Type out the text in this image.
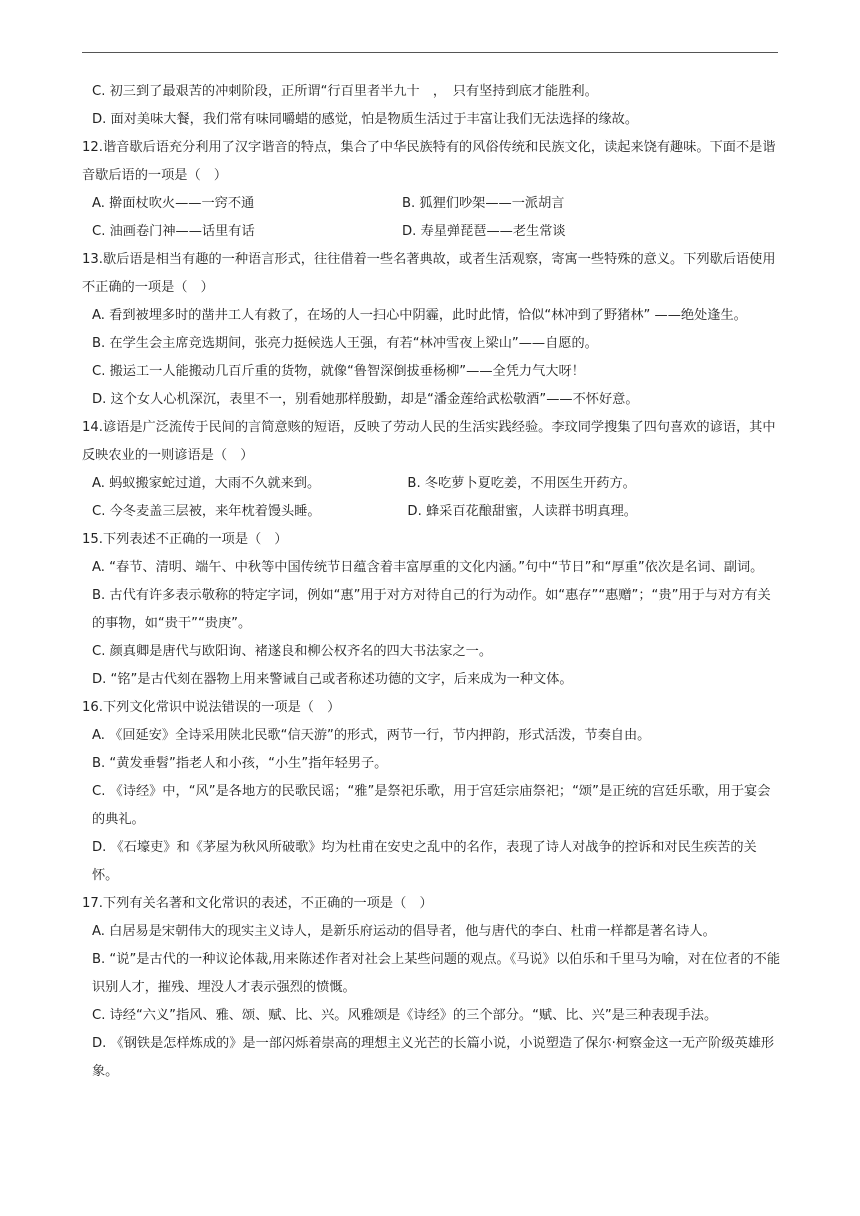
C. 初三到了最艰苦的冲刺阶段，正所谓“行百里者半九十　，　只有坚持到底才能胜利。

D. 面对美味大餐，我们常有味同嚼蜡的感觉，怕是物质生活过于丰富让我们无法选择的缘故。

12.谐音歇后语充分利用了汉字谐音的特点，集合了中华民族特有的风俗传统和民族文化，读起来饶有趣味。下面不是谐音歇后语的一项是（　）

A. 擀面杖吹火——一窍不通	B. 狐狸们吵架——一派胡言
C. 油画卷门神——话里有话	D. 寿星弹琵琶——老生常谈

13.歇后语是相当有趣的一种语言形式，往往借着一些名著典故，或者生活观察，寄寓一些特殊的意义。下列歇后语使用不正确的一项是（　）

A. 看到被埋多时的凿井工人有救了，在场的人一扫心中阴霾，此时此情，恰似“林冲到了野猪林” ——绝处逢生。

B. 在学生会主席竞选期间，张亮力挺候选人王强，有若“林冲雪夜上梁山”——自愿的。

C. 搬运工一人能搬动几百斤重的货物，就像“鲁智深倒拔垂杨柳”——全凭力气大呀！

D. 这个女人心机深沉，表里不一，别看她那样殷勤，却是“潘金莲给武松敬酒”——不怀好意。

14.谚语是广泛流传于民间的言简意赅的短语，反映了劳动人民的生活实践经验。李玟同学搜集了四句喜欢的谚语，其中反映农业的一则谚语是（　）

A. 蚂蚁搬家蛇过道，大雨不久就来到。	B. 冬吃萝卜夏吃姜，不用医生开药方。
C. 今冬麦盖三层被，来年枕着馒头睡。	D. 蜂采百花酿甜蜜，人读群书明真理。

15.下列表述不正确的一项是（　）

A. “春节、清明、端午、中秋等中国传统节日蕴含着丰富厚重的文化内涵。”句中“节日”和“厚重”依次是名词、副词。

B. 古代有许多表示敬称的特定字词，例如“惠”用于对方对待自己的行为动作。如“惠存”“惠赠”；“贵”用于与对方有关的事物，如“贵干”“贵庚”。

C. 颜真卿是唐代与欧阳询、褚遂良和柳公权齐名的四大书法家之一。

D. “铭”是古代刻在器物上用来警诫自己或者称述功德的文字，后来成为一种文体。

16.下列文化常识中说法错误的一项是（　）

A. 《回延安》全诗采用陕北民歌“信天游”的形式，两节一行，节内押韵，形式活泼，节奏自由。

B. “黄发垂髫”指老人和小孩，“小生”指年轻男子。

C. 《诗经》中，“风”是各地方的民歌民谣；“雅”是祭祀乐歌，用于宫廷宗庙祭祀；“颂”是正统的宫廷乐歌，用于宴会的典礼。

D. 《石壕吏》和《茅屋为秋风所破歌》均为杜甫在安史之乱中的名作，表现了诗人对战争的控诉和对民生疾苦的关怀。

17.下列有关名著和文化常识的表述，不正确的一项是（　）

A. 白居易是宋朝伟大的现实主义诗人，是新乐府运动的倡导者，他与唐代的李白、杜甫一样都是著名诗人。

B. “说”是古代的一种议论体裁,用来陈述作者对社会上某些问题的观点。《马说》以伯乐和千里马为喻，对在位者的不能识别人才，摧残、埋没人才表示强烈的愤慨。

C. 诗经“六义”指风、雅、颂、赋、比、兴。风雅颂是《诗经》的三个部分。“赋、比、兴”是三种表现手法。

D. 《钢铁是怎样炼成的》是一部闪烁着崇高的理想主义光芒的长篇小说，小说塑造了保尔·柯察金这一无产阶级英雄形象。
